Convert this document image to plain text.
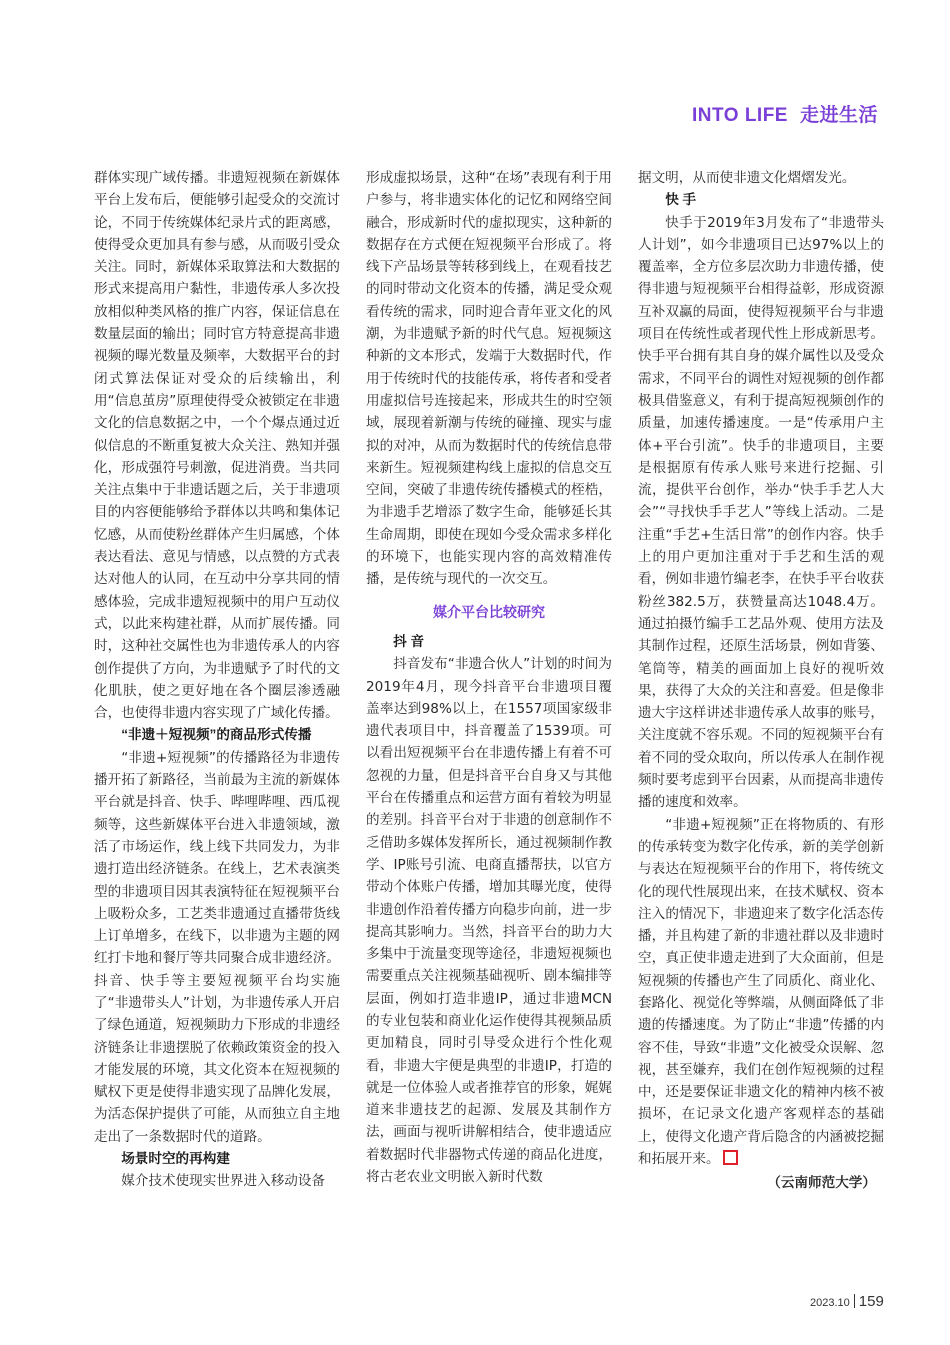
INTO LIFE 走进生活

群体实现广域传播。非遗短视频在新媒体平台上发布后，便能够引起受众的交流讨论，不同于传统媒体纪录片式的距离感，使得受众更加具有参与感，从而吸引受众关注。同时，新媒体采取算法和大数据的形式来提高用户黏性，非遗传承人多次投放相似种类风格的推广内容，保证信息在数量层面的输出；同时官方特意提高非遗视频的曝光数量及频率，大数据平台的封闭式算法保证对受众的后续输出，利用“信息茧房”原理使得受众被锁定在非遗文化的信息数据之中，一个个爆点通过近似信息的不断重复被大众关注、熟知并强化，形成强符号刺激，促进消费。当共同关注点集中于非遗话题之后，关于非遗项目的内容便能够给予群体以共鸣和集体记忆感，从而使粉丝群体产生归属感，个体表达看法、意见与情感，以点赞的方式表达对他人的认同，在互动中分享共同的情感体验，完成非遗短视频中的用户互动仪式，以此来构建社群，从而扩展传播。同时，这种社交属性也为非遗传承人的内容创作提供了方向，为非遗赋予了时代的文化肌肤，使之更好地在各个圈层渗透融合，也使得非遗内容实现了广域化传播。

“非遗＋短视频”的商品形式传播

“非遗+短视频”的传播路径为非遗传播开拓了新路径，当前最为主流的新媒体平台就是抖音、快手、哔哩哔哩、西瓜视频等，这些新媒体平台进入非遗领域，激活了市场运作，线上线下共同发力，为非遗打造出经济链条。在线上，艺术表演类型的非遗项目因其表演特征在短视频平台上吸粉众多，工艺类非遗通过直播带货线上订单增多，在线下，以非遗为主题的网红打卡地和餐厅等共同聚合成非遗经济。抖音、快手等主要短视频平台均实施了“非遗带头人”计划，为非遗传承人开启了绿色通道，短视频助力下形成的非遗经济链条让非遗摆脱了依赖政策资金的投入才能发展的环境，其文化资本在短视频的赋权下更是使得非遗实现了品牌化发展，为活态保护提供了可能，从而独立自主地走出了一条数据时代的道路。

场景时空的再构建

媒介技术使现实世界进入移动设备

形成虚拟场景，这种“在场”表现有利于用户参与，将非遗实体化的记忆和网络空间融合，形成新时代的虚拟现实，这种新的数据存在方式便在短视频平台形成了。将线下产品场景等转移到线上，在观看技艺的同时带动文化资本的传播，满足受众观看传统的需求，同时迎合青年亚文化的风潮，为非遗赋予新的时代气息。短视频这种新的文本形式，发端于大数据时代，作用于传统时代的技能传承，将传者和受者用虚拟信号连接起来，形成共生的时空领域，展现着新潮与传统的碰撞、现实与虚拟的对冲，从而为数据时代的传统信息带来新生。短视频建构线上虚拟的信息交互空间，突破了非遗传统传播模式的桎梏，为非遗手艺增添了数字生命，能够延长其生命周期，即使在现如今受众需求多样化的环境下，也能实现内容的高效精准传播，是传统与现代的一次交互。

媒介平台比较研究
抖 音

抖音发布“非遗合伙人”计划的时间为2019年4月，现今抖音平台非遗项目覆盖率达到98%以上，在1557项国家级非遗代表项目中，抖音覆盖了1539项。可以看出短视频平台在非遗传播上有着不可忽视的力量，但是抖音平台自身又与其他平台在传播重点和运营方面有着较为明显的差别。抖音平台对于非遗的创意制作不乏借助多媒体发挥所长，通过视频制作教学、IP账号引流、电商直播帮扶，以官方带动个体账户传播，增加其曝光度，使得非遗创作沿着传播方向稳步向前，进一步提高其影响力。当然，抖音平台的助力大多集中于流量变现等途径，非遗短视频也需要重点关注视频基础视听、剧本编排等层面，例如打造非遗IP，通过非遗MCN的专业包装和商业化运作使得其视频品质更加精良，同时引导受众进行个性化观看，非遗大宇便是典型的非遗IP，打造的就是一位体验人或者推荐官的形象，娓娓道来非遗技艺的起源、发展及其制作方法，画面与视听讲解相结合，使非遗适应着数据时代非器物式传递的商品化进度，将古老农业文明嵌入新时代数

据文明，从而使非遗文化熠熠发光。

快 手

快手于2019年3月发布了“非遗带头人计划”，如今非遗项目已达97%以上的覆盖率，全方位多层次助力非遗传播，使得非遗与短视频平台相得益彰，形成资源互补双赢的局面，使得短视频平台与非遗项目在传统性或者现代性上形成新思考。快手平台拥有其自身的媒介属性以及受众需求，不同平台的调性对短视频的创作都极具借鉴意义，有利于提高短视频创作的质量，加速传播速度。一是“传承用户主体+平台引流”。快手的非遗项目，主要是根据原有传承人账号来进行挖掘、引流，提供平台创作，举办“快手手艺人大会”“寻找快手手艺人”等线上活动。二是注重“手艺+生活日常”的创作内容。快手上的用户更加注重对于手艺和生活的观看，例如非遗竹编老李，在快手平台收获粉丝382.5万，获赞量高达1048.4万。通过拍摄竹编手工艺品外观、使用方法及其制作过程，还原生活场景，例如背篓、笔筒等，精美的画面加上良好的视听效果，获得了大众的关注和喜爱。但是像非遗大宇这样讲述非遗传承人故事的账号，关注度就不容乐观。不同的短视频平台有着不同的受众取向，所以传承人在制作视频时要考虑到平台因素，从而提高非遗传播的速度和效率。

“非遗+短视频”正在将物质的、有形的传承转变为数字化传承，新的美学创新与表达在短视频平台的作用下，将传统文化的现代性展现出来，在技术赋权、资本注入的情况下，非遗迎来了数字化活态传播，并且构建了新的非遗社群以及非遗时空，真正使非遗走进到了大众面前，但是短视频的传播也产生了同质化、商业化、套路化、视觉化等弊端，从侧面降低了非遗的传播速度。为了防止“非遗”传播的内容不佳，导致“非遗”文化被受众误解、忽视，甚至嫌弃，我们在创作短视频的过程中，还是要保证非遗文化的精神内核不被损坏，在记录文化遗产客观样态的基础上，使得文化遗产背后隐含的内涵被挖掘和拓展开来。

（云南师范大学）
2023.10 159
